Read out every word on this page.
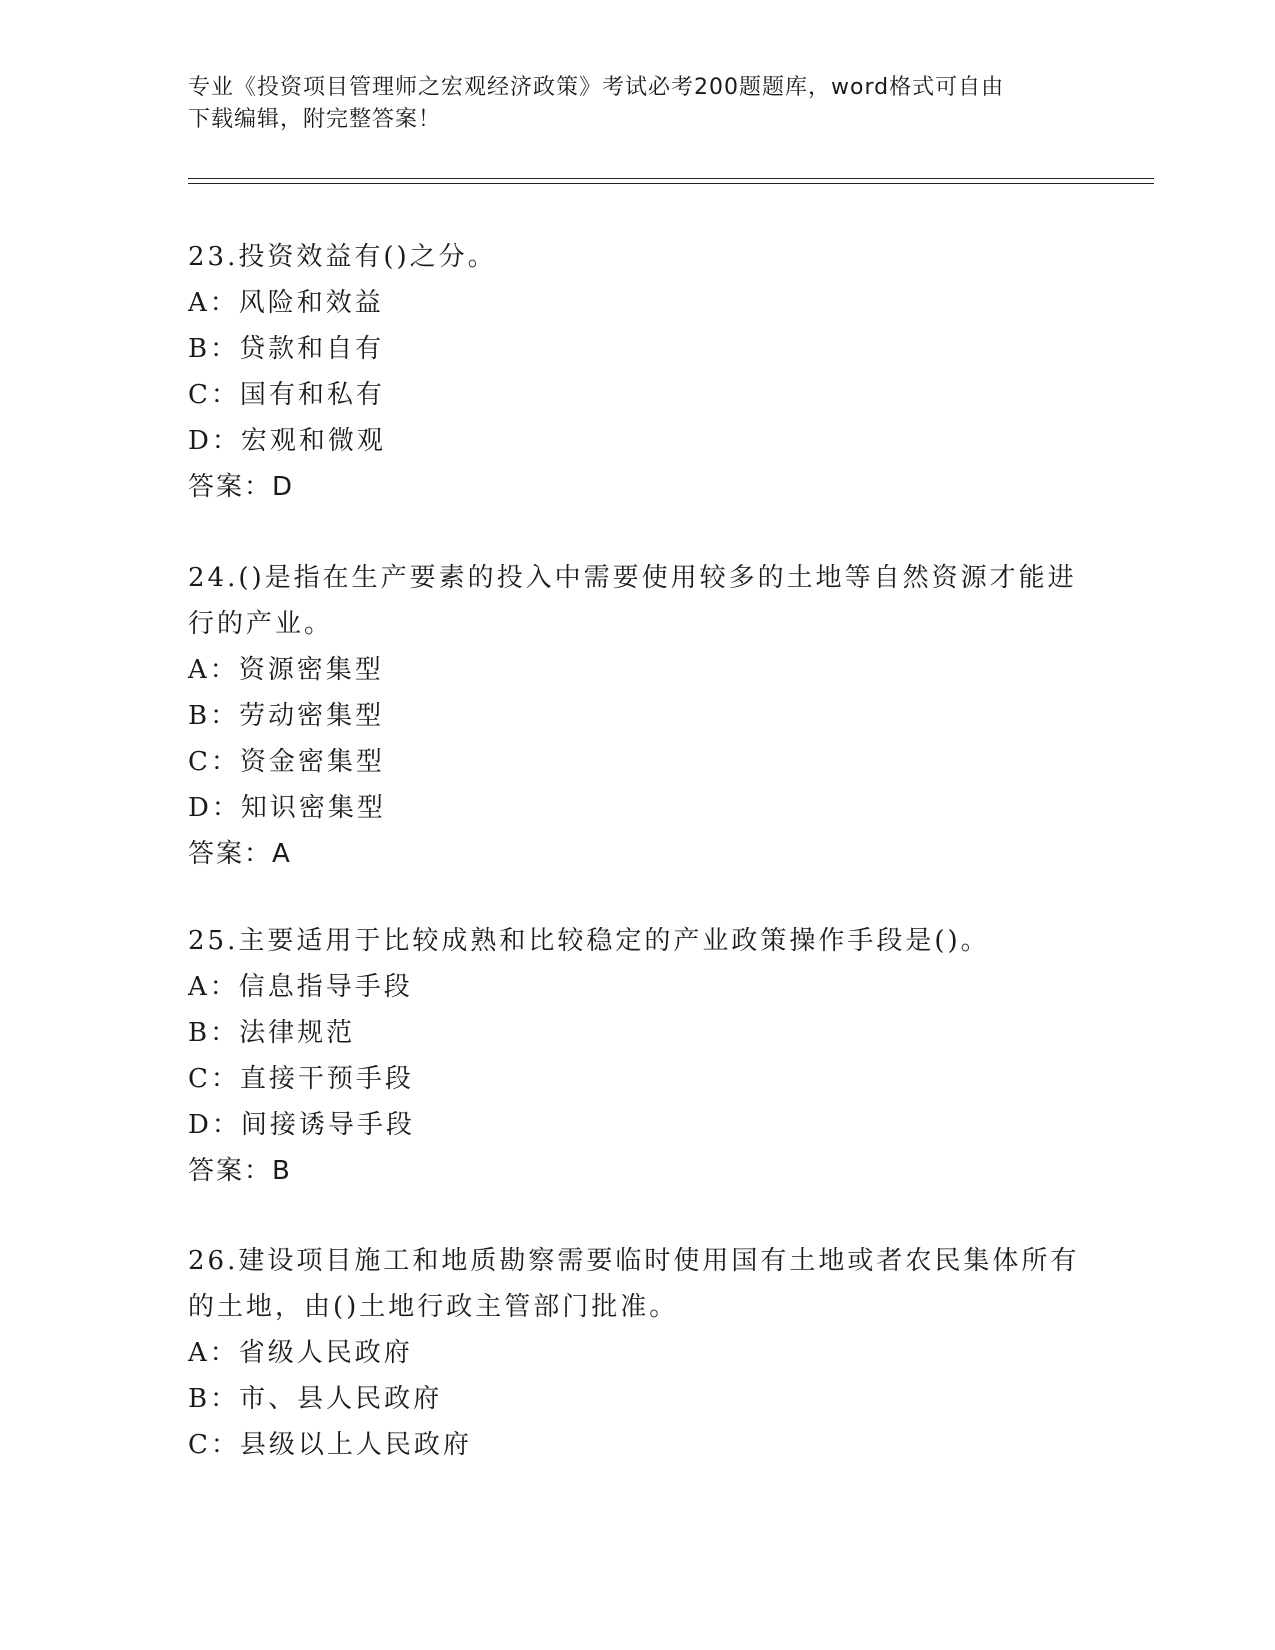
专业《投资项目管理师之宏观经济政策》考试必考200题题库，word格式可自由
下载编辑，附完整答案！
23.投资效益有()之分。
A：风险和效益
B：贷款和自有
C：国有和私有
D：宏观和微观
答案：D
24.()是指在生产要素的投入中需要使用较多的土地等自然资源才能进
行的产业。
A：资源密集型
B：劳动密集型
C：资金密集型
D：知识密集型
答案：A
25.主要适用于比较成熟和比较稳定的产业政策操作手段是()。
A：信息指导手段
B：法律规范
C：直接干预手段
D：间接诱导手段
答案：B
26.建设项目施工和地质勘察需要临时使用国有土地或者农民集体所有
的土地，由()土地行政主管部门批准。
A：省级人民政府
B：市、县人民政府
C：县级以上人民政府
